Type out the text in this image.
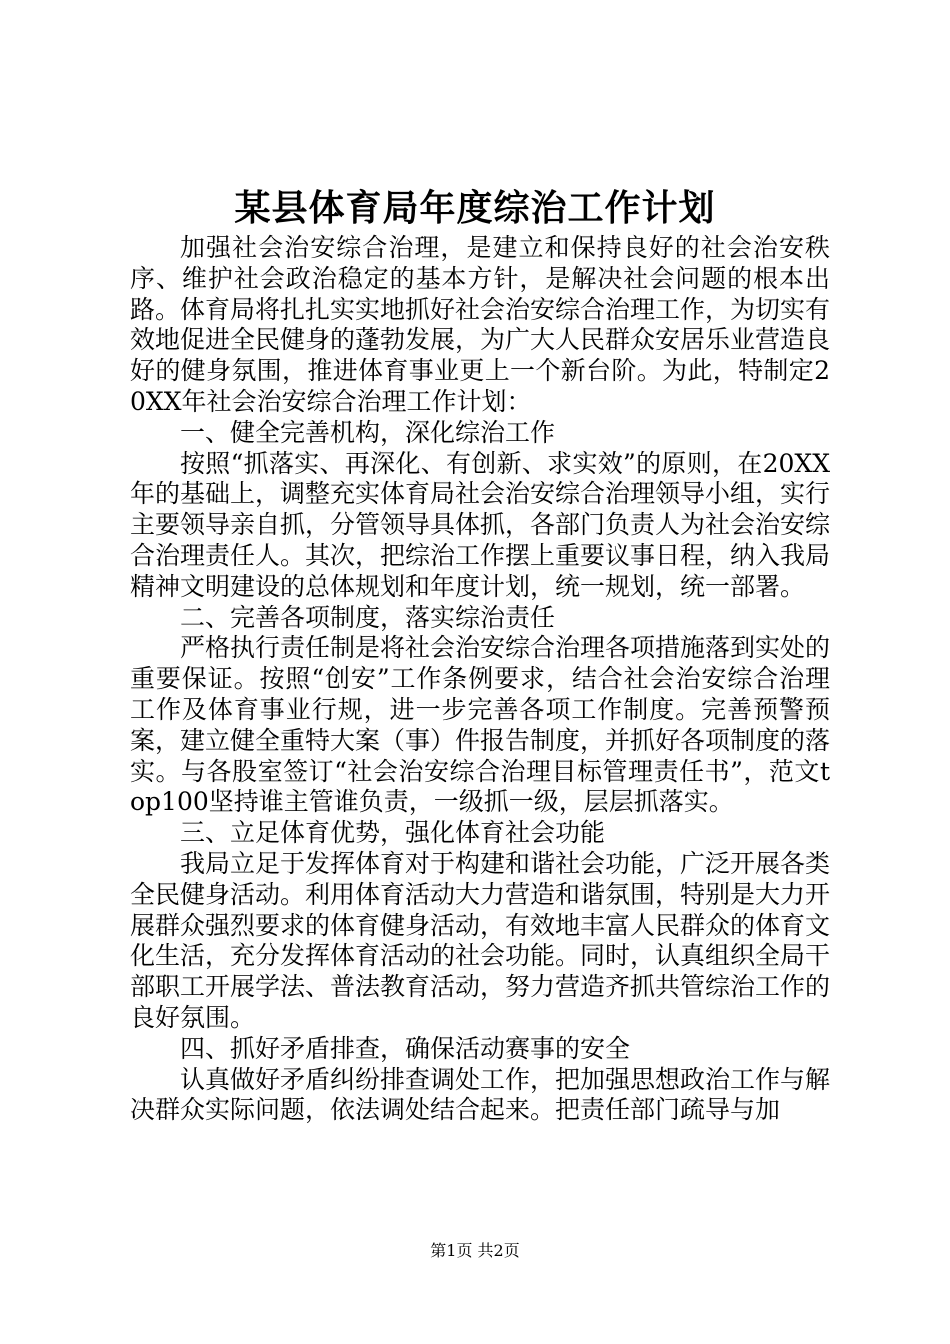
某县体育局年度综治工作计划

加强社会治安综合治理，是建立和保持良好的社会治安秩序、维护社会政治稳定的基本方针，是解决社会问题的根本出路。体育局将扎扎实实地抓好社会治安综合治理工作，为切实有效地促进全民健身的蓬勃发展，为广大人民群众安居乐业营造良好的健身氛围，推进体育事业更上一个新台阶。为此，特制定20XX年社会治安综合治理工作计划：

一、健全完善机构，深化综治工作

按照“抓落实、再深化、有创新、求实效”的原则，在20XX年的基础上，调整充实体育局社会治安综合治理领导小组，实行主要领导亲自抓，分管领导具体抓，各部门负责人为社会治安综合治理责任人。其次，把综治工作摆上重要议事日程，纳入我局精神文明建设的总体规划和年度计划，统一规划，统一部署。

二、完善各项制度，落实综治责任

严格执行责任制是将社会治安综合治理各项措施落到实处的重要保证。按照“创安”工作条例要求，结合社会治安综合治理工作及体育事业行规，进一步完善各项工作制度。完善预警预案，建立健全重特大案（事）件报告制度，并抓好各项制度的落实。与各股室签订“社会治安综合治理目标管理责任书”，范文top100坚持谁主管谁负责，一级抓一级，层层抓落实。

三、立足体育优势，强化体育社会功能

我局立足于发挥体育对于构建和谐社会功能，广泛开展各类全民健身活动。利用体育活动大力营造和谐氛围，特别是大力开展群众强烈要求的体育健身活动，有效地丰富人民群众的体育文化生活，充分发挥体育活动的社会功能。同时，认真组织全局干部职工开展学法、普法教育活动，努力营造齐抓共管综治工作的良好氛围。

四、抓好矛盾排查，确保活动赛事的安全

认真做好矛盾纠纷排查调处工作，把加强思想政治工作与解决群众实际问题，依法调处结合起来。把责任部门疏导与加

第1页 共2页
